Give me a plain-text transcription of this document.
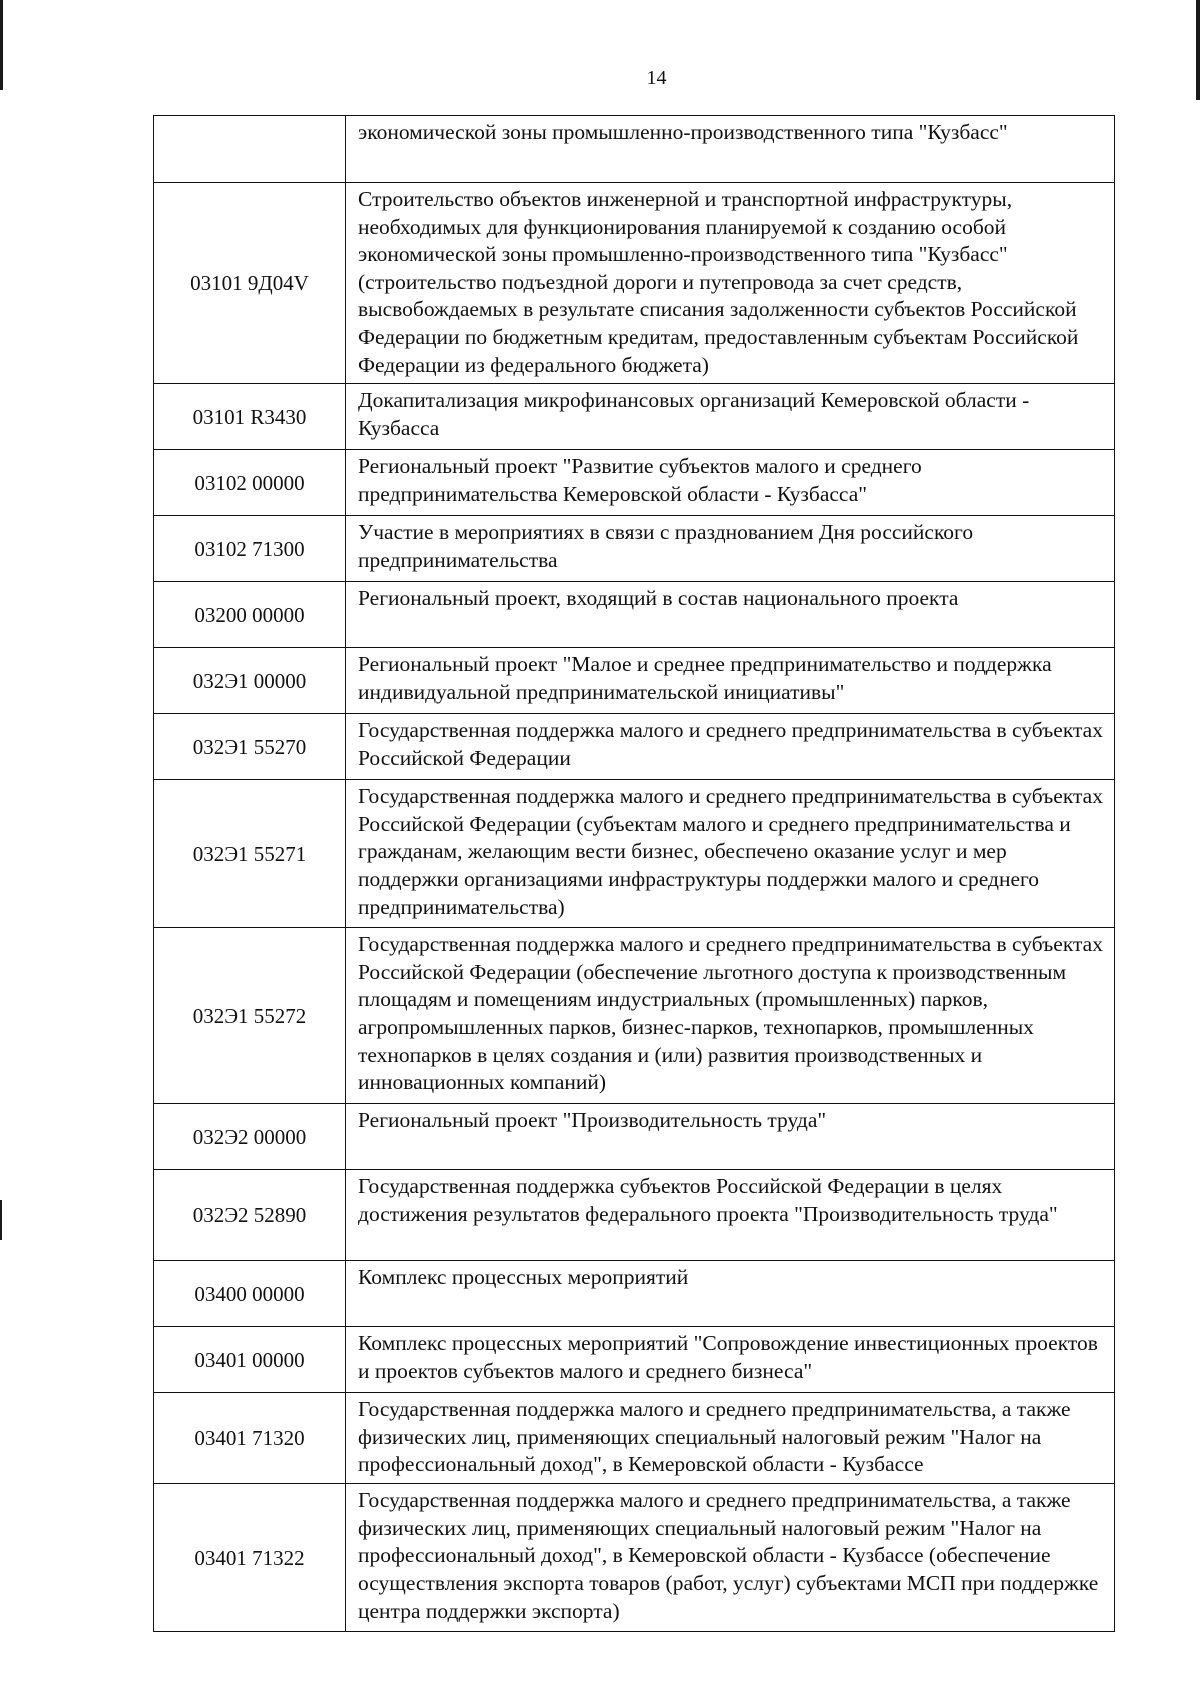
14
	экономической зоны промышленно-производственного типа "Кузбасс"
03101 9Д04V	Строительство объектов инженерной и транспортной инфраструктуры, необходимых для функционирования планируемой к созданию особой экономической зоны промышленно-производственного типа "Кузбасс" (строительство подъездной дороги и путепровода за счет средств, высвобождаемых в результате списания задолженности субъектов Российской Федерации по бюджетным кредитам, предоставленным субъектам Российской Федерации из федерального бюджета)
03101 R3430	Докапитализация микрофинансовых организаций Кемеровской области - Кузбасса
03102 00000	Региональный проект "Развитие субъектов малого и среднего предпринимательства Кемеровской области - Кузбасса"
03102 71300	Участие в мероприятиях в связи с празднованием Дня российского предпринимательства
03200 00000	Региональный проект, входящий в состав национального проекта
032Э1 00000	Региональный проект "Малое и среднее предпринимательство и поддержка индивидуальной предпринимательской инициативы"
032Э1 55270	Государственная поддержка малого и среднего предпринимательства в субъектах Российской Федерации
032Э1 55271	Государственная поддержка малого и среднего предпринимательства в субъектах Российской Федерации (субъектам малого и среднего предпринимательства и гражданам, желающим вести бизнес, обеспечено оказание услуг и мер поддержки организациями инфраструктуры поддержки малого и среднего предпринимательства)
032Э1 55272	Государственная поддержка малого и среднего предпринимательства в субъектах Российской Федерации (обеспечение льготного доступа к производственным площадям и помещениям индустриальных (промышленных) парков, агропромышленных парков, бизнес-парков, технопарков, промышленных технопарков в целях создания и (или) развития производственных и инновационных компаний)
032Э2 00000	Региональный проект "Производительность труда"
032Э2 52890	Государственная поддержка субъектов Российской Федерации в целях достижения результатов федерального проекта "Производительность труда"
03400 00000	Комплекс процессных мероприятий
03401 00000	Комплекс процессных мероприятий "Сопровождение инвестиционных проектов и проектов субъектов малого и среднего бизнеса"
03401 71320	Государственная поддержка малого и среднего предпринимательства, а также физических лиц, применяющих специальный налоговый режим "Налог на профессиональный доход", в Кемеровской области - Кузбассе
03401 71322	Государственная поддержка малого и среднего предпринимательства, а также физических лиц, применяющих специальный налоговый режим "Налог на профессиональный доход", в Кемеровской области - Кузбассе (обеспечение осуществления экспорта товаров (работ, услуг) субъектами МСП при поддержке центра поддержки экспорта)
